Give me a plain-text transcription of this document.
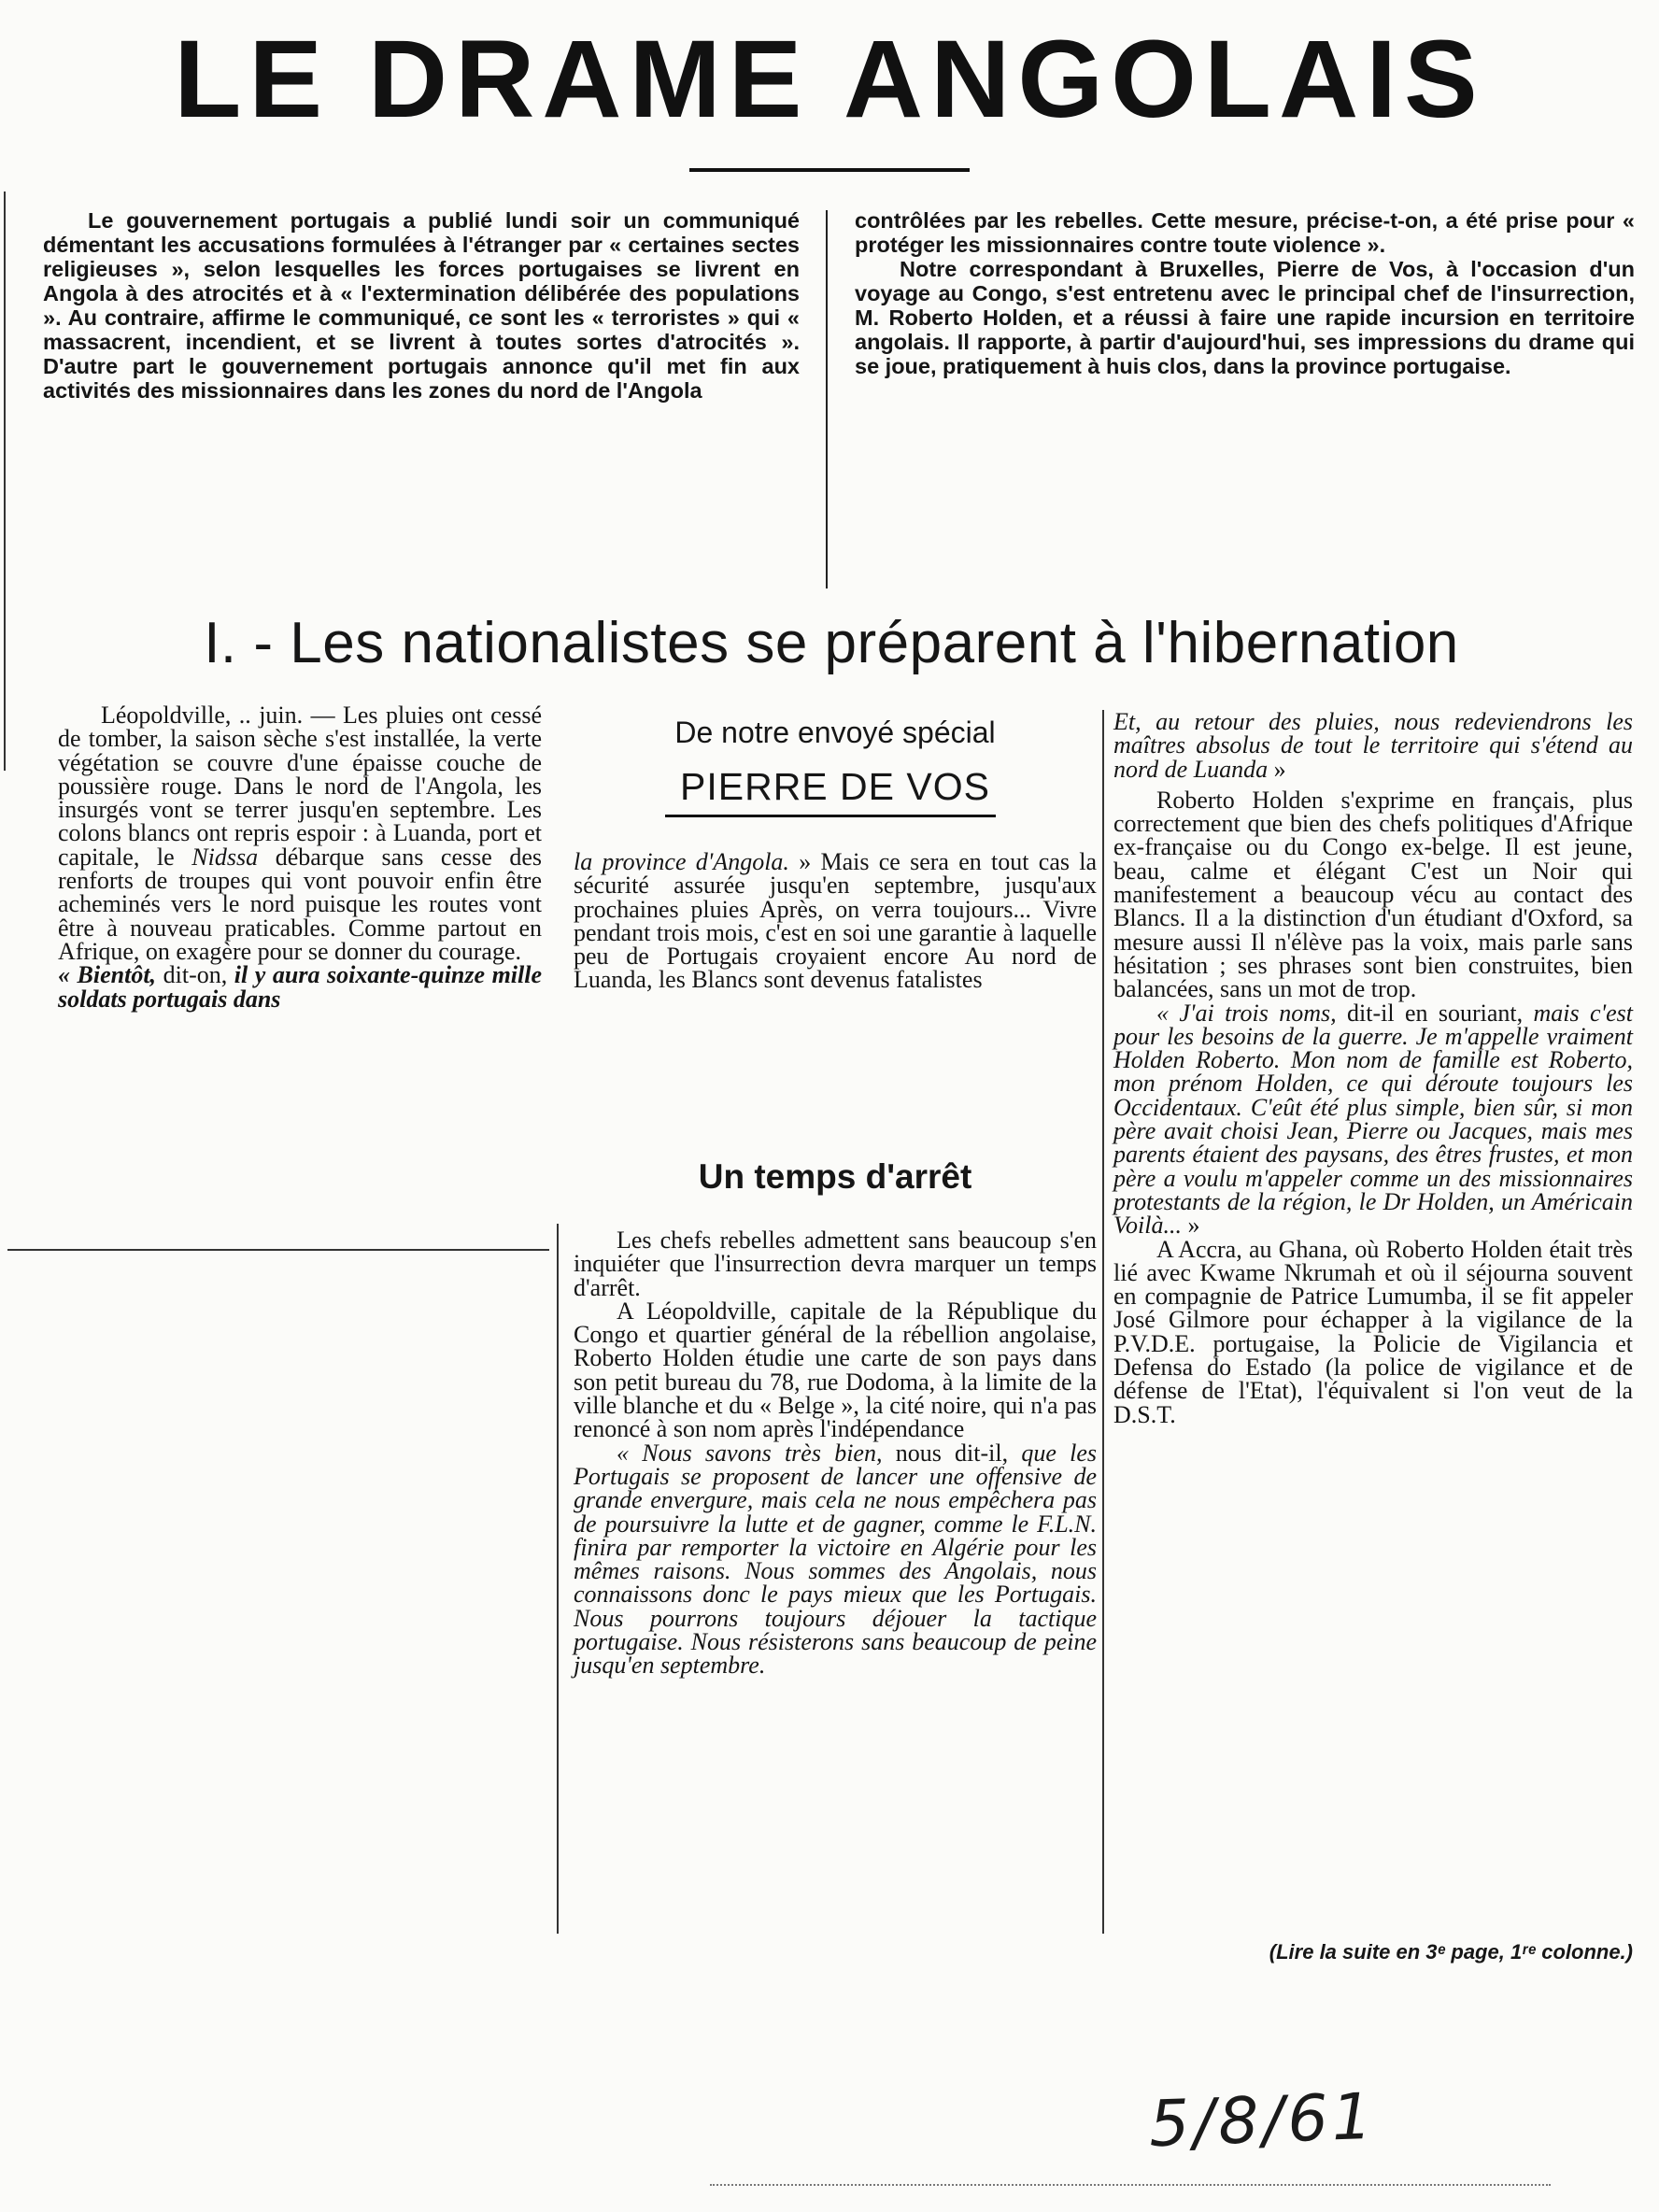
LE DRAME ANGOLAIS

Le gouvernement portugais a publié lundi soir un communiqué démentant les accusations formulées à l'étranger par « certaines sectes religieuses », selon lesquelles les forces portugaises se livrent en Angola à des atrocités et à « l'extermination délibérée des populations ». Au contraire, affirme le communiqué, ce sont les « terroristes » qui « massacrent, incendient, et se livrent à toutes sortes d'atrocités ». D'autre part le gouvernement portugais annonce qu'il met fin aux activités des missionnaires dans les zones du nord de l'Angola

contrôlées par les rebelles. Cette mesure, précise-t-on, a été prise pour « protéger les missionnaires contre toute violence ».

Notre correspondant à Bruxelles, Pierre de Vos, à l'occasion d'un voyage au Congo, s'est entretenu avec le principal chef de l'insurrection, M. Roberto Holden, et a réussi à faire une rapide incursion en territoire angolais. Il rapporte, à partir d'aujourd'hui, ses impressions du drame qui se joue, pratiquement à huis clos, dans la province portugaise.

I. - Les nationalistes se préparent à l'hibernation

Léopoldville, .. juin. — Les pluies ont cessé de tomber, la saison sèche s'est installée, la verte végétation se couvre d'une épaisse couche de poussière rouge. Dans le nord de l'Angola, les insurgés vont se terrer jusqu'en septembre. Les colons blancs ont repris espoir : à Luanda, port et capitale, le Nidssa débarque sans cesse des renforts de troupes qui vont pouvoir enfin être acheminés vers le nord puisque les routes vont être à nouveau praticables. Comme partout en Afrique, on exagère pour se donner du courage.

« Bientôt, dit-on, il y aura soixante-quinze mille soldats portugais dans

De notre envoyé spécial
PIERRE DE VOS

la province d'Angola. » Mais ce sera en tout cas la sécurité assurée jusqu'en septembre, jusqu'aux prochaines pluies Après, on verra toujours... Vivre pendant trois mois, c'est en soi une garantie à laquelle peu de Portugais croyaient encore Au nord de Luanda, les Blancs sont devenus fatalistes

Un temps d'arrêt

Les chefs rebelles admettent sans beaucoup s'en inquiéter que l'insurrection devra marquer un temps d'arrêt.

A Léopoldville, capitale de la République du Congo et quartier général de la rébellion angolaise, Roberto Holden étudie une carte de son pays dans son petit bureau du 78, rue Dodoma, à la limite de la ville blanche et du « Belge », la cité noire, qui n'a pas renoncé à son nom après l'indépendance

« Nous savons très bien, nous dit-il, que les Portugais se proposent de lancer une offensive de grande envergure, mais cela ne nous empêchera pas de poursuivre la lutte et de gagner, comme le F.L.N. finira par remporter la victoire en Algérie pour les mêmes raisons. Nous sommes des Angolais, nous connaissons donc le pays mieux que les Portugais. Nous pourrons toujours déjouer la tactique portugaise. Nous résisterons sans beaucoup de peine jusqu'en septembre.

Et, au retour des pluies, nous redeviendrons les maîtres absolus de tout le territoire qui s'étend au nord de Luanda »

Roberto Holden s'exprime en français, plus correctement que bien des chefs politiques d'Afrique ex-française ou du Congo ex-belge. Il est jeune, beau, calme et élégant C'est un Noir qui manifestement a beaucoup vécu au contact des Blancs. Il a la distinction d'un étudiant d'Oxford, sa mesure aussi Il n'élève pas la voix, mais parle sans hésitation ; ses phrases sont bien construites, bien balancées, sans un mot de trop.

« J'ai trois noms, dit-il en souriant, mais c'est pour les besoins de la guerre. Je m'appelle vraiment Holden Roberto. Mon nom de famille est Roberto, mon prénom Holden, ce qui déroute toujours les Occidentaux. C'eût été plus simple, bien sûr, si mon père avait choisi Jean, Pierre ou Jacques, mais mes parents étaient des paysans, des êtres frustes, et mon père a voulu m'appeler comme un des missionnaires protestants de la région, le Dr Holden, un Américain Voilà... »

A Accra, au Ghana, où Roberto Holden était très lié avec Kwame Nkrumah et où il séjourna souvent en compagnie de Patrice Lumumba, il se fit appeler José Gilmore pour échapper à la vigilance de la P.V.D.E. portugaise, la Policie de Vigilancia et Defensa do Estado (la police de vigilance et de défense de l'Etat), l'équivalent si l'on veut de la D.S.T.

(Lire la suite en 3ᵉ page, 1ʳᵉ colonne.)
5/8/61
